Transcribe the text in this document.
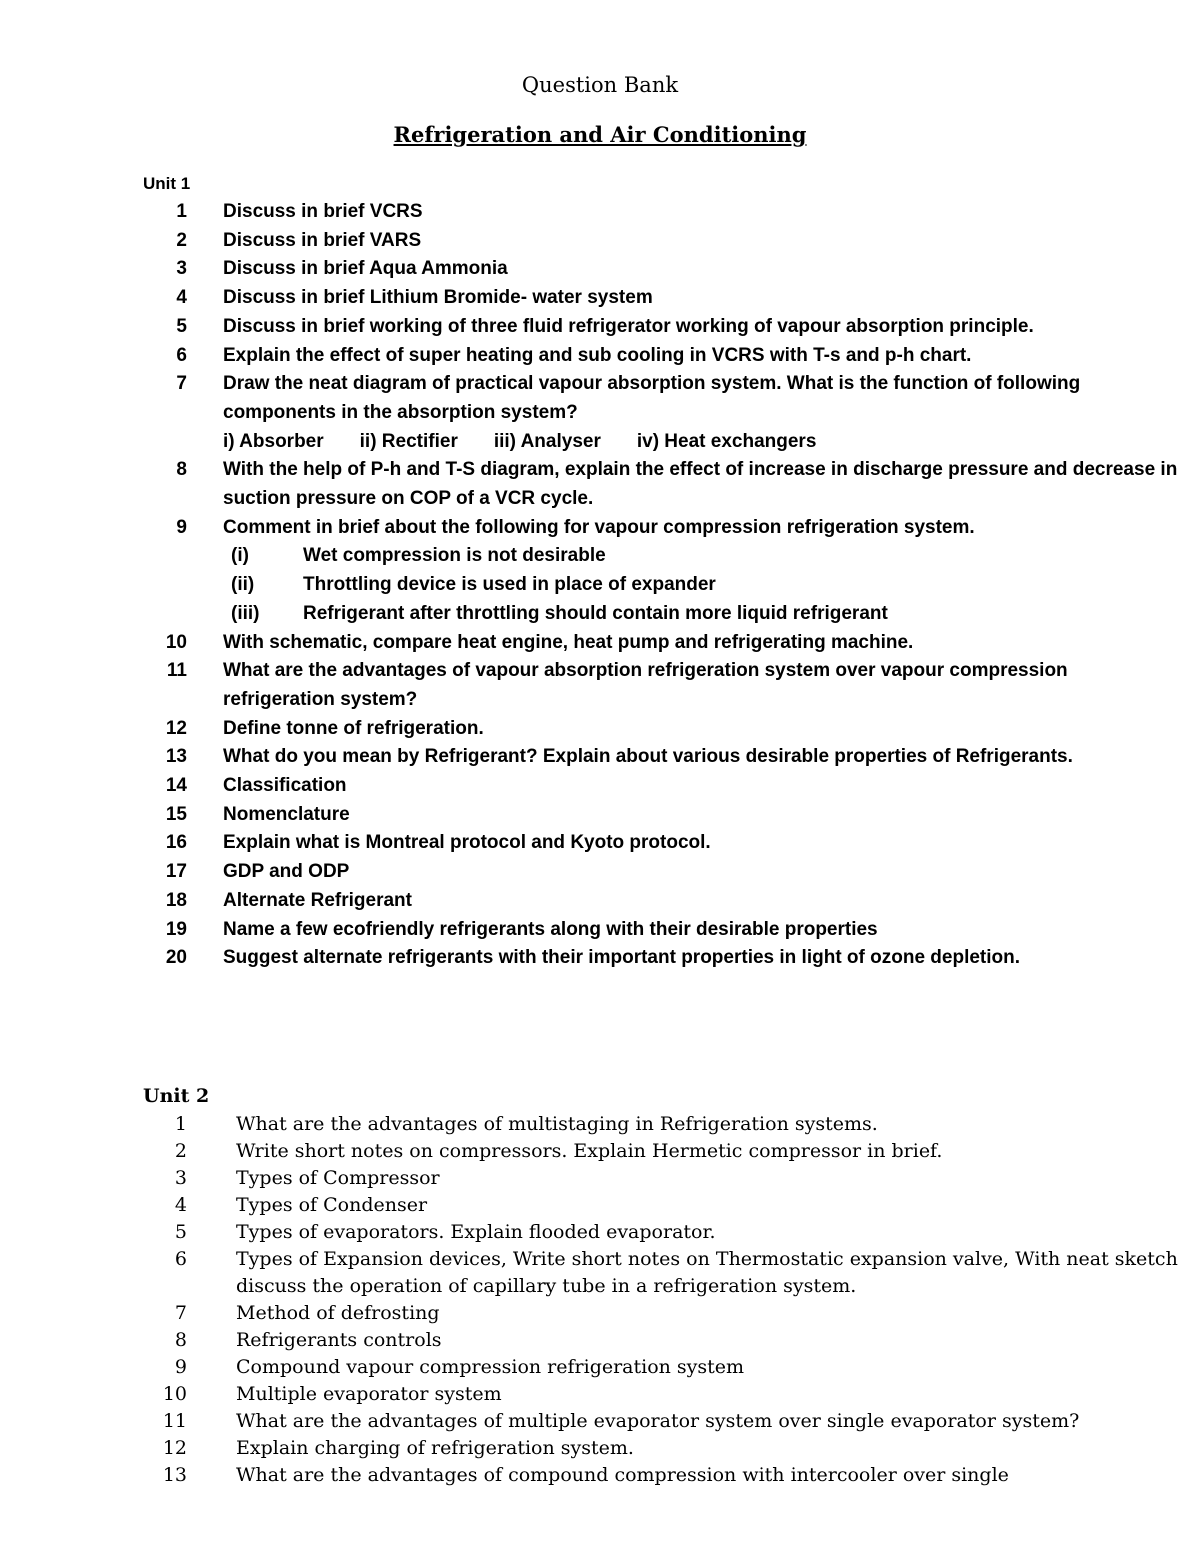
Question Bank
Refrigeration and Air Conditioning
Unit 1
1 Discuss in brief VCRS
2 Discuss in brief VARS
3 Discuss in brief Aqua Ammonia
4 Discuss in brief Lithium Bromide- water system
5 Discuss in brief working of three fluid refrigerator working of vapour absorption principle.
6 Explain the effect of super heating and sub cooling in VCRS with T-s and p-h chart.
7 Draw the neat diagram of practical vapour absorption system. What is the function of following components in the absorption system?
i) Absorber ii) Rectifier iii) Analyser iv) Heat exchangers
8 With the help of P-h and T-S diagram, explain the effect of increase in discharge pressure and decrease in suction pressure on COP of a VCR cycle.
9 Comment in brief about the following for vapour compression refrigeration system.
(i)	Wet compression is not desirable
(ii)	Throttling device is used in place of expander
(iii)	Refrigerant after throttling should contain more liquid refrigerant
10 With schematic, compare heat engine, heat pump and refrigerating machine.
11 What are the advantages of vapour absorption refrigeration system over vapour compression refrigeration system?
12 Define tonne of refrigeration.
13 What do you mean by Refrigerant? Explain about various desirable properties of Refrigerants.
14 Classification
15 Nomenclature
16 Explain what is Montreal protocol and Kyoto protocol.
17 GDP and ODP
18 Alternate Refrigerant
19 Name a few ecofriendly refrigerants along with their desirable properties
20 Suggest alternate refrigerants with their important properties in light of ozone depletion.
Unit 2
1	What are the advantages of multistaging in Refrigeration systems.
2	Write short notes on compressors. Explain Hermetic compressor in brief.
3	Types of Compressor
4	Types of Condenser
5	Types of evaporators. Explain flooded evaporator.
6	Types of Expansion devices, Write short notes on Thermostatic expansion valve, With neat sketch discuss the operation of capillary tube in a refrigeration system.
7	Method of defrosting
8	Refrigerants controls
9	Compound vapour compression refrigeration system
10	Multiple evaporator system
11	What are the advantages of multiple evaporator system over single evaporator system?
12	Explain charging of refrigeration system.
13	What are the advantages of compound compression with intercooler over single
